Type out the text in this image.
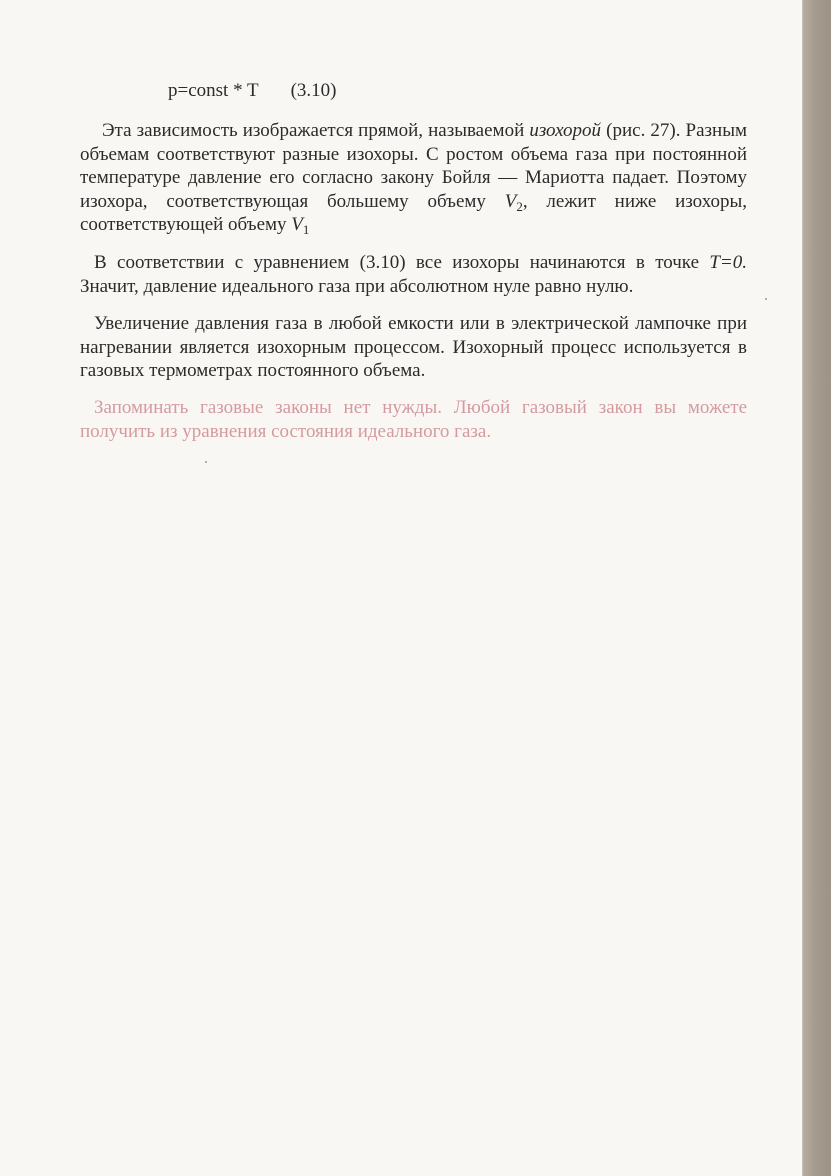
p=const * T (3.10)
Эта зависимость изображается прямой, называемой изохорой (рис. 27). Разным объемам соответствуют разные изохоры. С ростом объема газа при постоянной температуре давление его согласно закону Бойля — Мариотта падает. Поэтому изохора, соответствующая большему объему $V_2$, лежит ниже изохоры, соответствующей объему $V_1$
В соответствии с уравнением (3.10) все изохоры начинаются в точке T=0. Значит, давление идеального газа при абсолютном нуле равно нулю.
Увеличение давления газа в любой емкости или в электрической лампочке при нагревании является изохорным процессом. Изохорный процесс используется в газовых термометрах постоянного объема.
Запоминать газовые законы нет нужды. Любой газовый закон вы можете получить из уравнения состояния идеального газа.
